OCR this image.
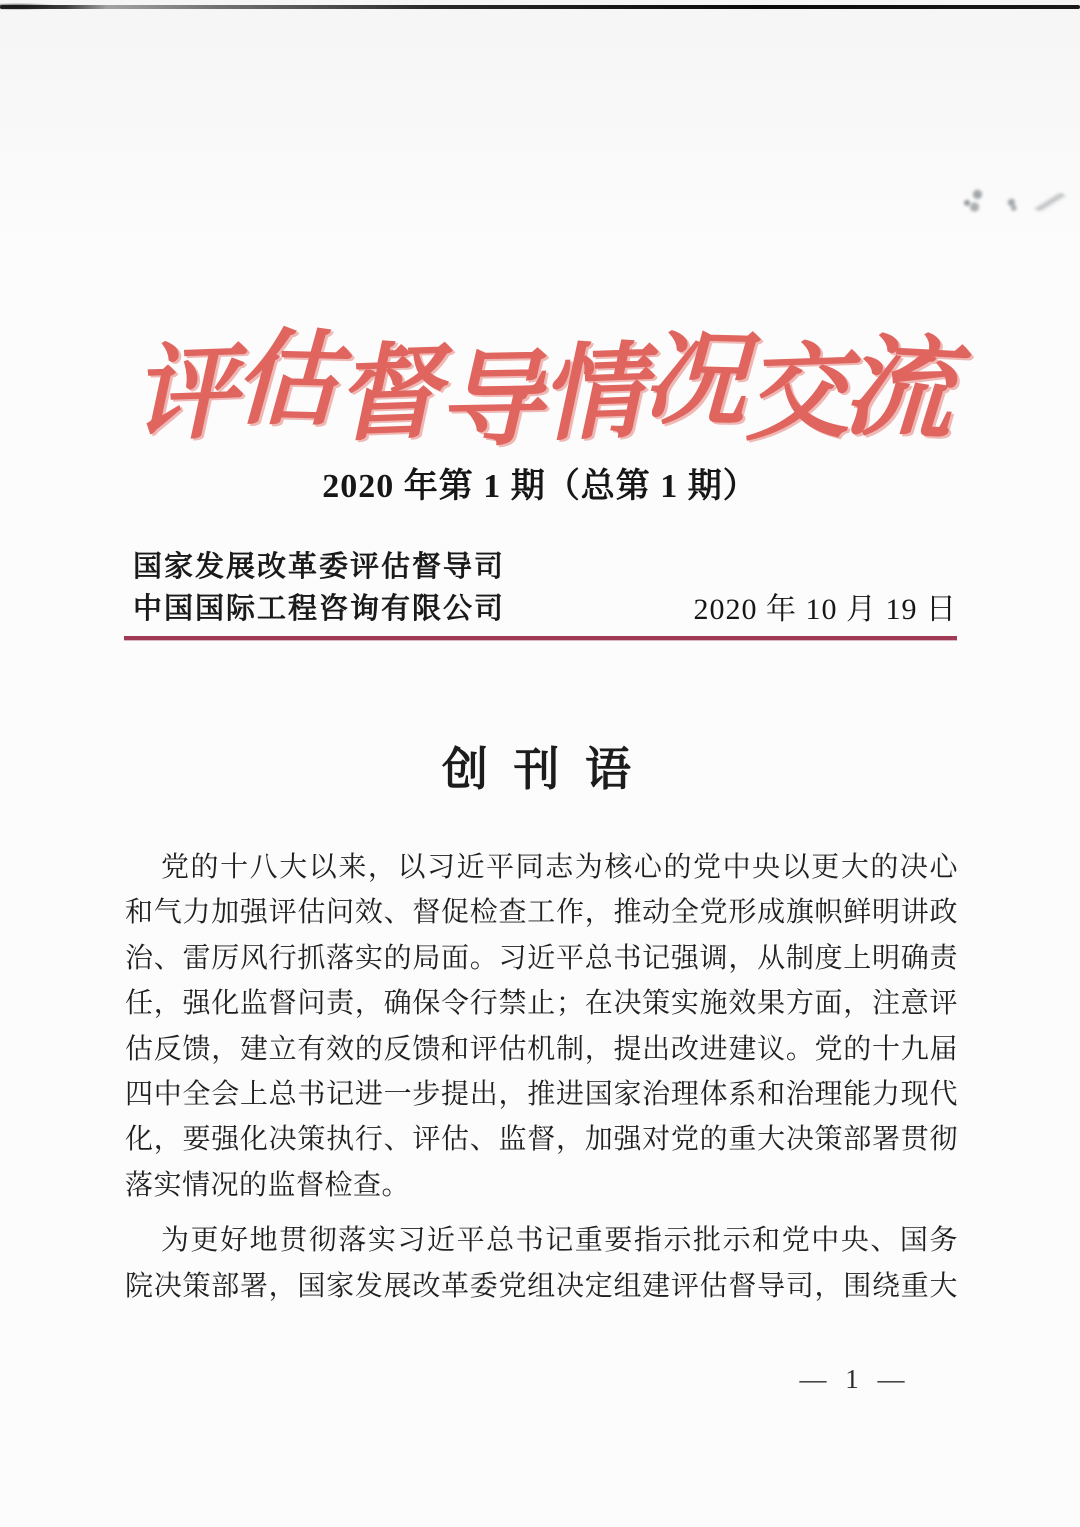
评估督导情况交流
2020 年第 1 期（总第 1 期）
国家发展改革委评估督导司
中国国际工程咨询有限公司	2020 年 10 月 19 日
创 刊 语
党的十八大以来，以习近平同志为核心的党中央以更大的决心
和气力加强评估问效、督促检查工作，推动全党形成旗帜鲜明讲政
治、雷厉风行抓落实的局面。习近平总书记强调，从制度上明确责
任，强化监督问责，确保令行禁止；在决策实施效果方面，注意评
估反馈，建立有效的反馈和评估机制，提出改进建议。党的十九届
四中全会上总书记进一步提出，推进国家治理体系和治理能力现代
化，要强化决策执行、评估、监督，加强对党的重大决策部署贯彻
落实情况的监督检查。
为更好地贯彻落实习近平总书记重要指示批示和党中央、国务
院决策部署，国家发展改革委党组决定组建评估督导司，围绕重大
— 1 —
